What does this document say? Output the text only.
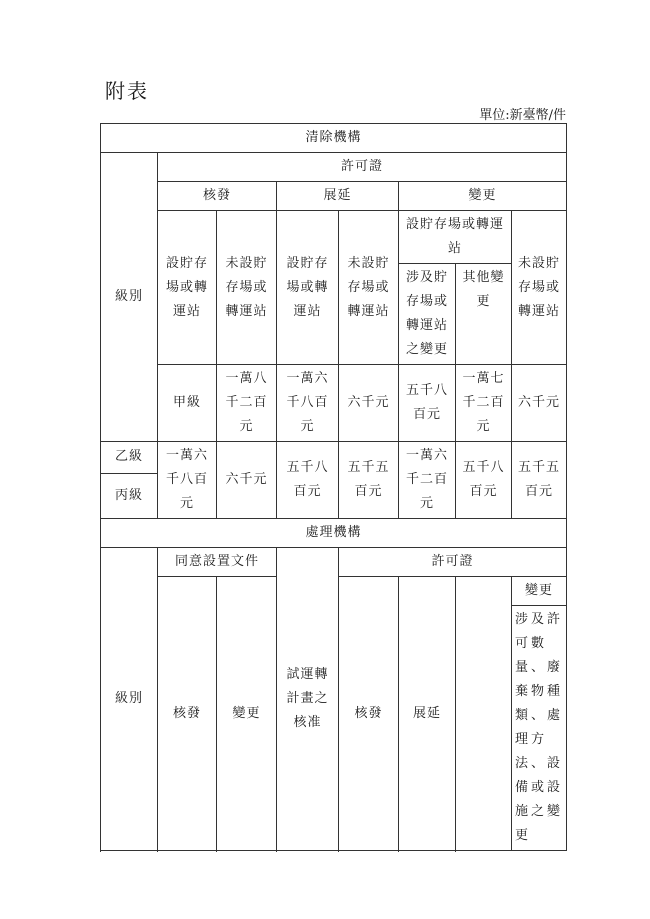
附表
單位:新臺幣/件
清除機構								
級別	許可證							
	核發		展延		變更			
	設貯存場或轉運站	未設貯存場或轉運站	設貯存場或轉運站	未設貯存場或轉運站	設貯存場或轉運站		未設貯存場或轉運站	
					涉及貯存場或轉運站之變更	其他變更		
	甲級	一萬八千二百元	一萬六千八百元	六千元	五千八百元	一萬七千二百元	六千元	
乙級	一萬六千八百元	六千元	五千八百元	五千五百元	一萬六千二百元	五千八百元	五千五百元	
丙級								
處理機構								
級別	同意設置文件		試運轉計畫之核准	許可證				
	核發	變更		核發	展延		變更	
							涉及許可數量、廢棄物種類、處理方法、設備或設施之變更	
